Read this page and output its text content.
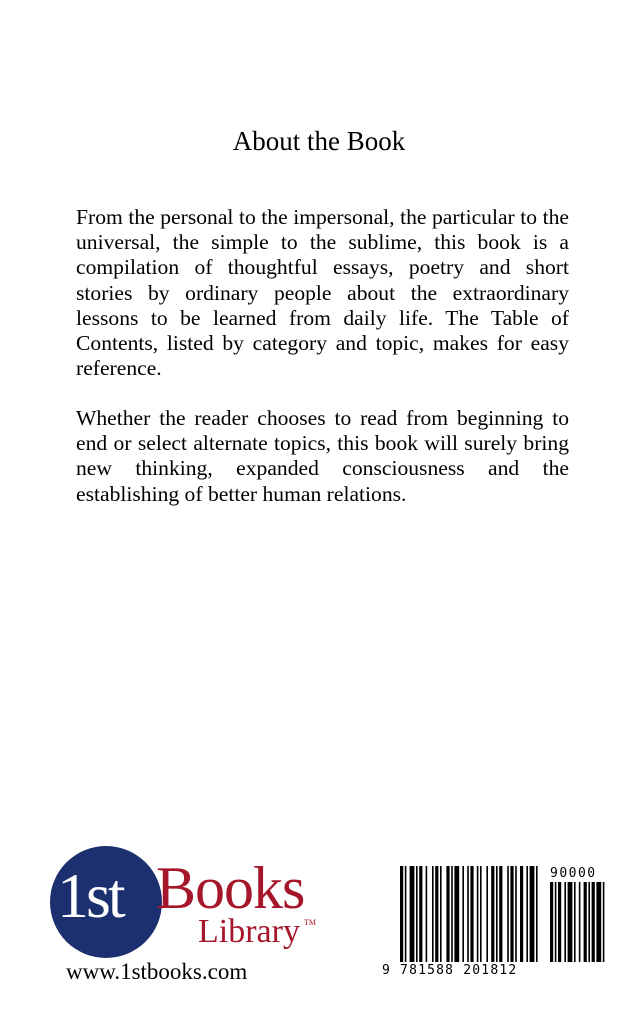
About the Book

From the personal to the impersonal, the particular to the universal, the simple to the sublime, this book is a compilation of thoughtful essays, poetry and short stories by ordinary people about the extraordinary lessons to be learned from daily life. The Table of Contents, listed by category and topic, makes for easy reference.

Whether the reader chooses to read from beginning to end or select alternate topics, this book will surely bring new thinking, expanded consciousness and the establishing of better human relations.

1st Books
Library TM
www.1stbooks.com	9 781588 201812
90000
